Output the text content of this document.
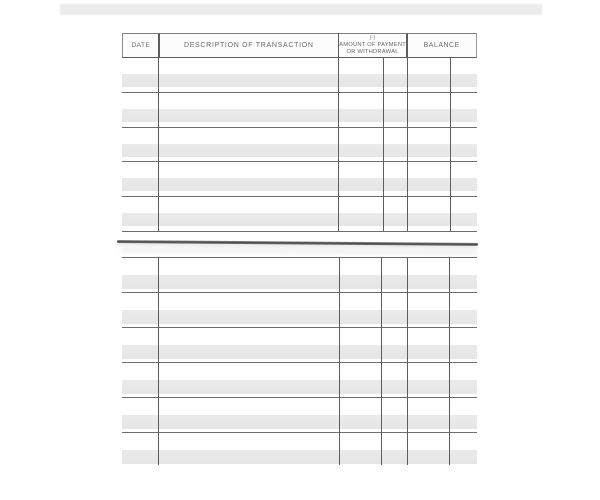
DATE	DESCRIPTION OF TRANSACTION
(-)
AMOUNT OF PAYMENT
OR WITHDRAWAL
BALANCE
